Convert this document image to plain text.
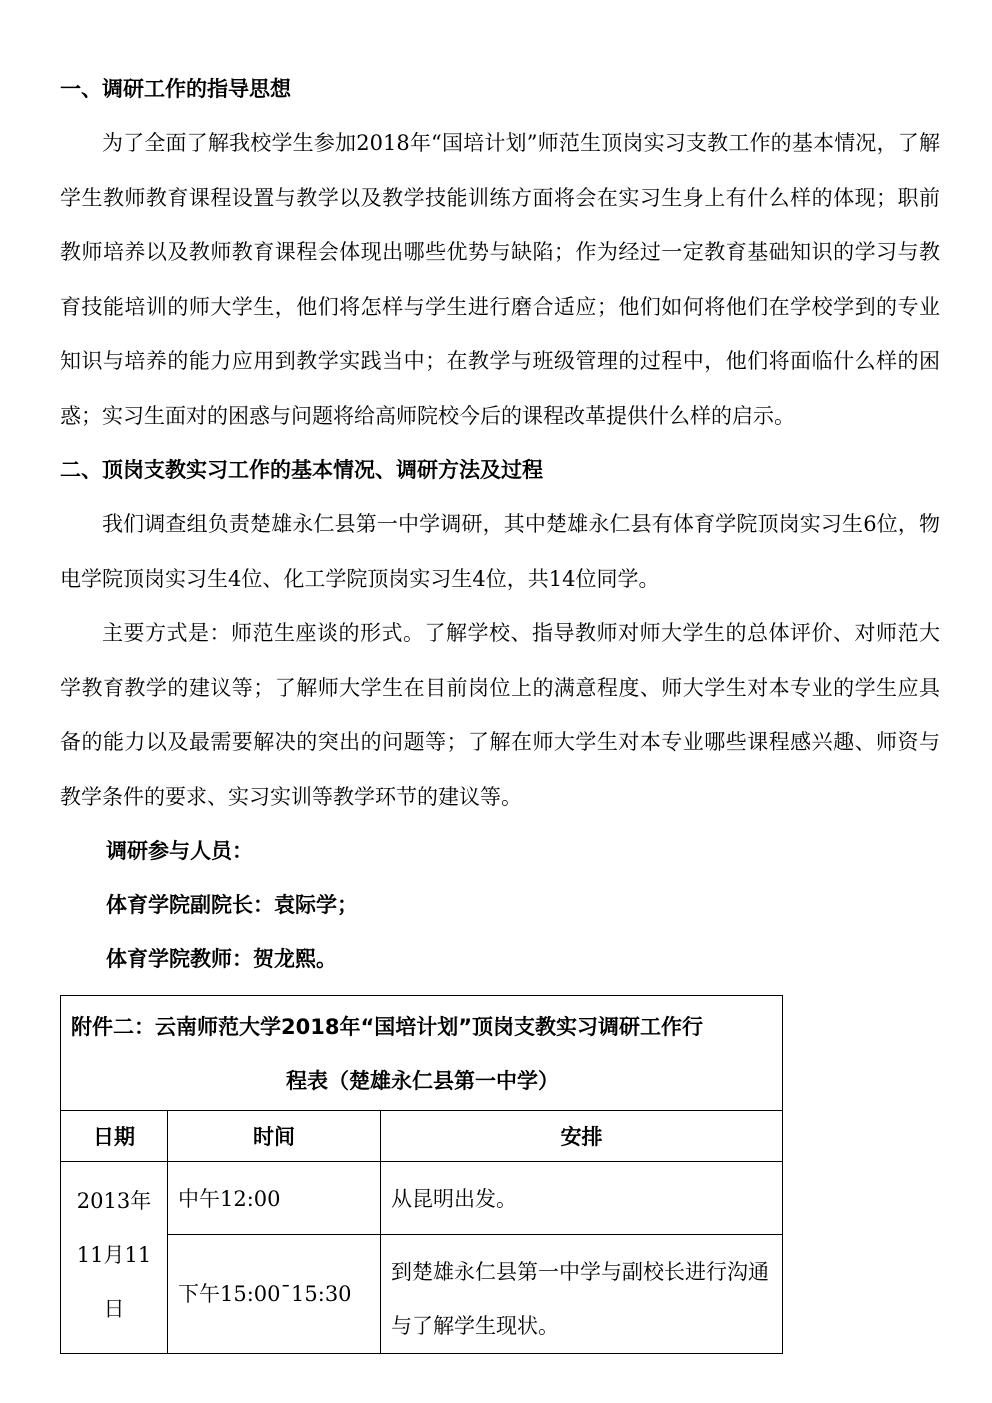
一、调研工作的指导思想

为了全面了解我校学生参加2018年“国培计划”师范生顶岗实习支教工作的基本情况，了解学生教师教育课程设置与教学以及教学技能训练方面将会在实习生身上有什么样的体现；职前教师培养以及教师教育课程会体现出哪些优势与缺陷；作为经过一定教育基础知识的学习与教育技能培训的师大学生，他们将怎样与学生进行磨合适应；他们如何将他们在学校学到的专业知识与培养的能力应用到教学实践当中；在教学与班级管理的过程中，他们将面临什么样的困惑；实习生面对的困惑与问题将给高师院校今后的课程改革提供什么样的启示。

二、顶岗支教实习工作的基本情况、调研方法及过程

我们调查组负责楚雄永仁县第一中学调研，其中楚雄永仁县有体育学院顶岗实习生6位，物电学院顶岗实习生4位、化工学院顶岗实习生4位，共14位同学。

主要方式是：师范生座谈的形式。了解学校、指导教师对师大学生的总体评价、对师范大学教育教学的建议等；了解师大学生在目前岗位上的满意程度、师大学生对本专业的学生应具备的能力以及最需要解决的突出的问题等；了解在师大学生对本专业哪些课程感兴趣、师资与教学条件的要求、实习实训等教学环节的建议等。

调研参与人员：

体育学院副院长：袁际学；

体育学院教师：贺龙熙。

附件二：云南师范大学2018年“国培计划”顶岗支教实习调研工作行
程表（楚雄永仁县第一中学）		

日期	时间	安排

2013年
11月11
日	中午12:00	从昆明出发。
	下午15:00¯15:30	到楚雄永仁县第一中学与副校长进行沟通与了解学生现状。
